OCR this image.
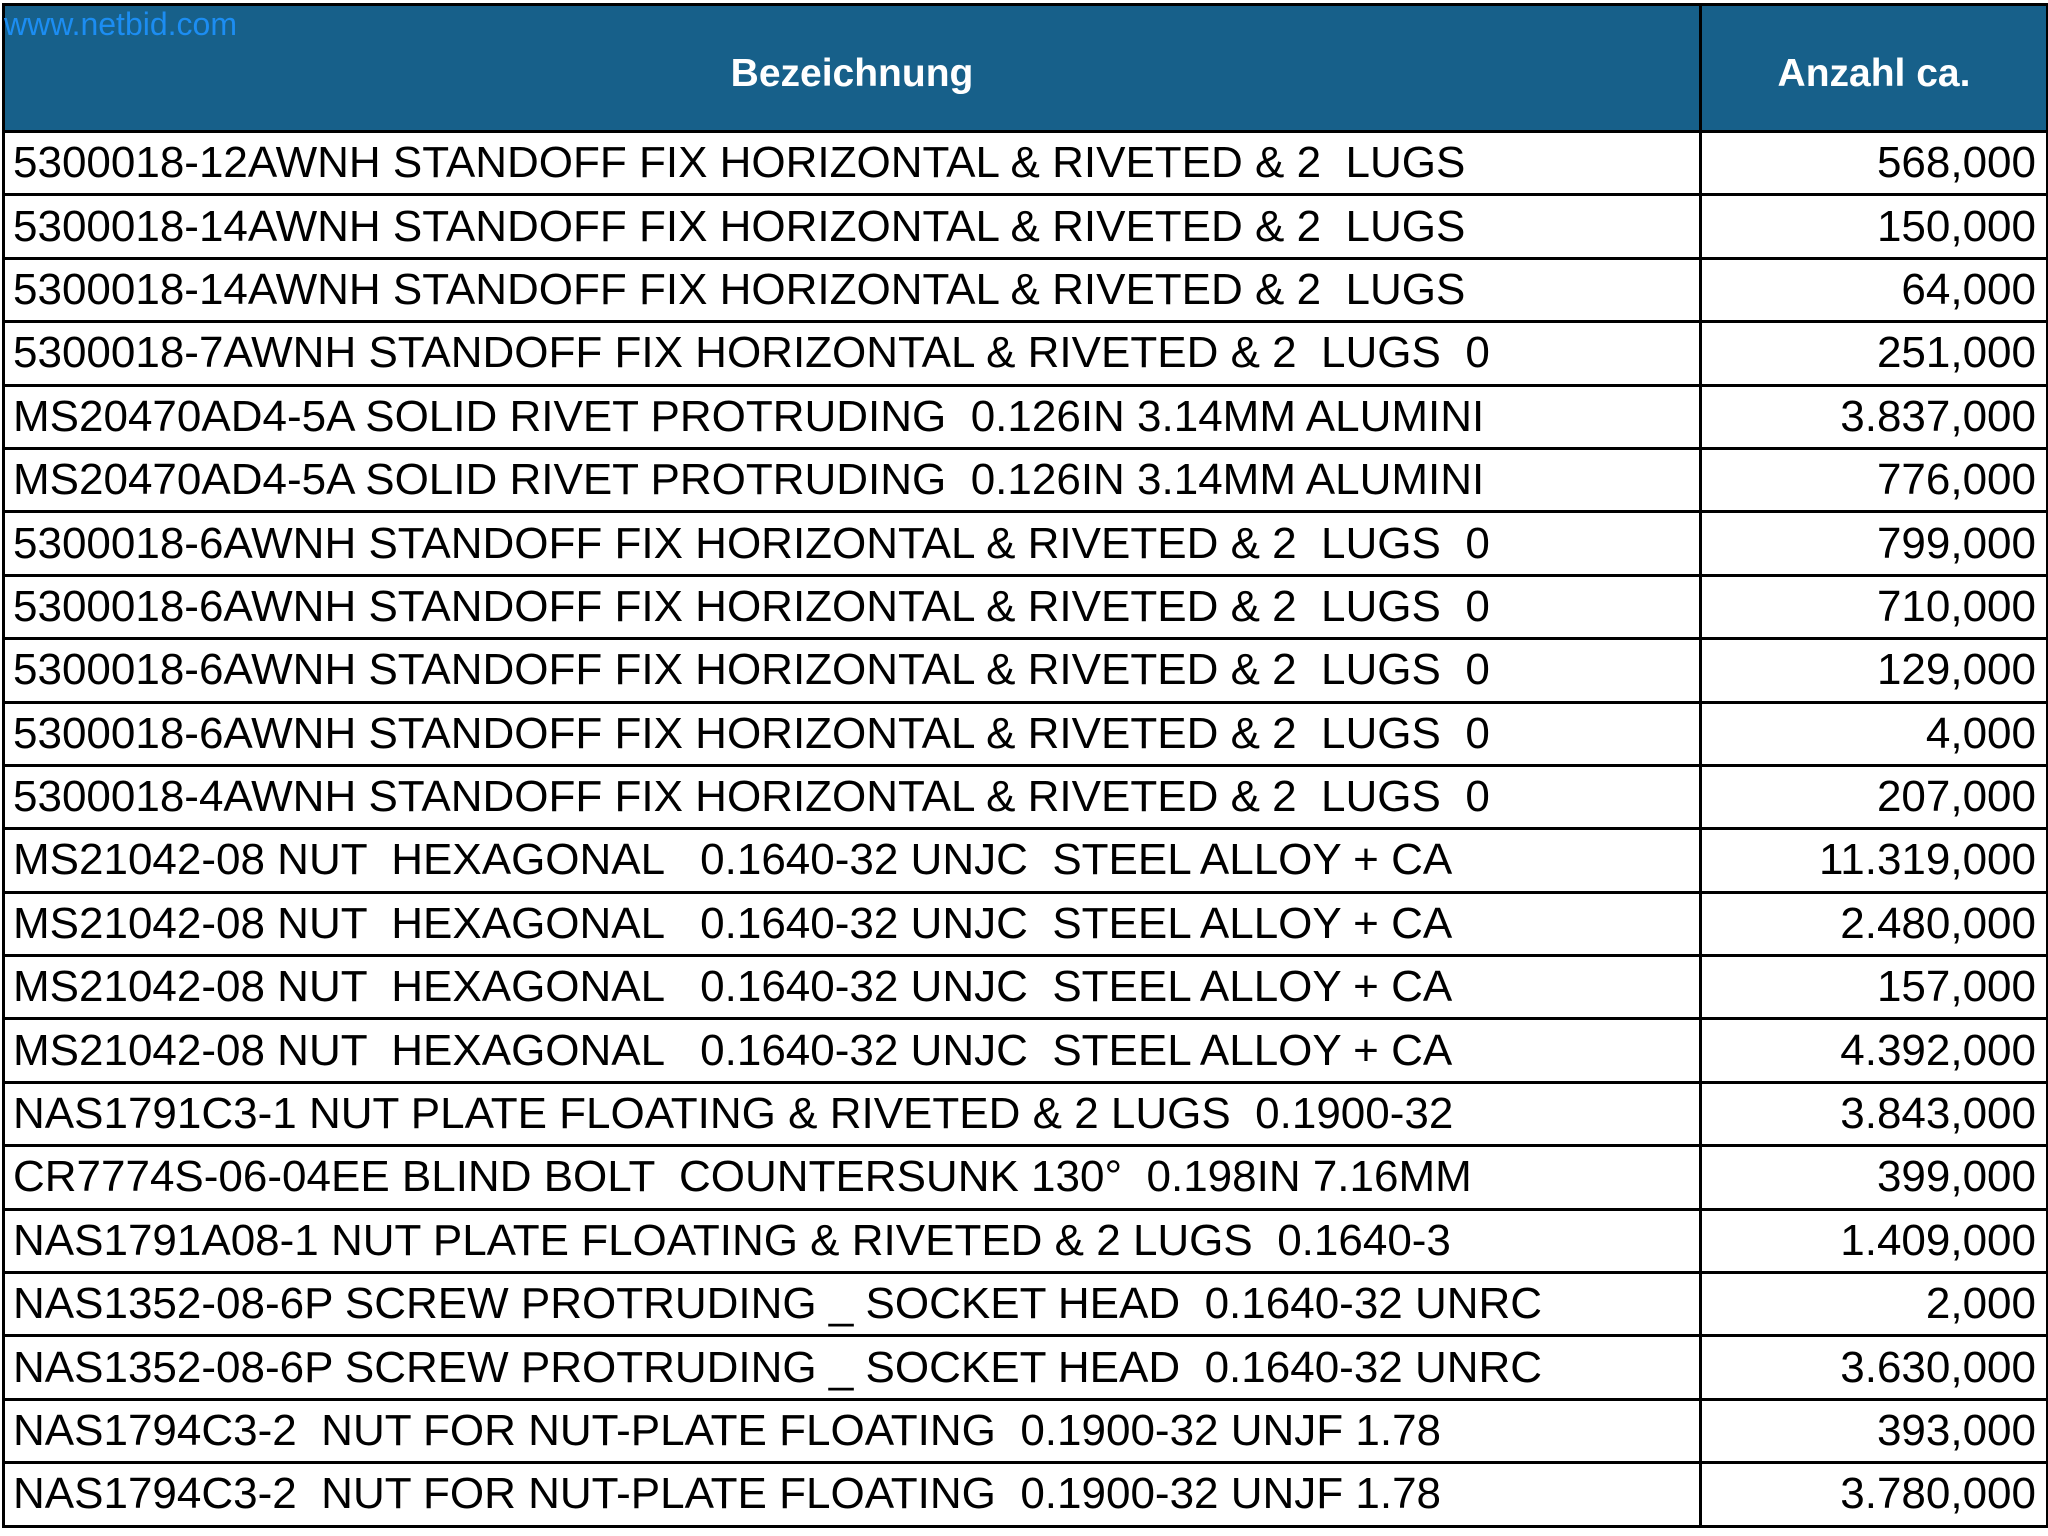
www.netbid.com
Bezeichnung	Anzahl ca.
5300018-12AWNH STANDOFF FIX HORIZONTAL & RIVETED & 2  LUGS	568,000
5300018-14AWNH STANDOFF FIX HORIZONTAL & RIVETED & 2  LUGS	150,000
5300018-14AWNH STANDOFF FIX HORIZONTAL & RIVETED & 2  LUGS	64,000
5300018-7AWNH STANDOFF FIX HORIZONTAL & RIVETED & 2  LUGS  0	251,000
MS20470AD4-5A SOLID RIVET PROTRUDING  0.126IN 3.14MM ALUMINI	3.837,000
MS20470AD4-5A SOLID RIVET PROTRUDING  0.126IN 3.14MM ALUMINI	776,000
5300018-6AWNH STANDOFF FIX HORIZONTAL & RIVETED & 2  LUGS  0	799,000
5300018-6AWNH STANDOFF FIX HORIZONTAL & RIVETED & 2  LUGS  0	710,000
5300018-6AWNH STANDOFF FIX HORIZONTAL & RIVETED & 2  LUGS  0	129,000
5300018-6AWNH STANDOFF FIX HORIZONTAL & RIVETED & 2  LUGS  0	4,000
5300018-4AWNH STANDOFF FIX HORIZONTAL & RIVETED & 2  LUGS  0	207,000
MS21042-08 NUT  HEXAGONAL   0.1640-32 UNJC  STEEL ALLOY + CA	11.319,000
MS21042-08 NUT  HEXAGONAL   0.1640-32 UNJC  STEEL ALLOY + CA	2.480,000
MS21042-08 NUT  HEXAGONAL   0.1640-32 UNJC  STEEL ALLOY + CA	157,000
MS21042-08 NUT  HEXAGONAL   0.1640-32 UNJC  STEEL ALLOY + CA	4.392,000
NAS1791C3-1 NUT PLATE FLOATING & RIVETED & 2 LUGS  0.1900-32	3.843,000
CR7774S-06-04EE BLIND BOLT  COUNTERSUNK 130°  0.198IN 7.16MM	399,000
NAS1791A08-1 NUT PLATE FLOATING & RIVETED & 2 LUGS  0.1640-3	1.409,000
NAS1352-08-6P SCREW PROTRUDING _ SOCKET HEAD  0.1640-32 UNRC	2,000
NAS1352-08-6P SCREW PROTRUDING _ SOCKET HEAD  0.1640-32 UNRC	3.630,000
NAS1794C3-2  NUT FOR NUT-PLATE FLOATING  0.1900-32 UNJF 1.78	393,000
NAS1794C3-2  NUT FOR NUT-PLATE FLOATING  0.1900-32 UNJF 1.78	3.780,000
